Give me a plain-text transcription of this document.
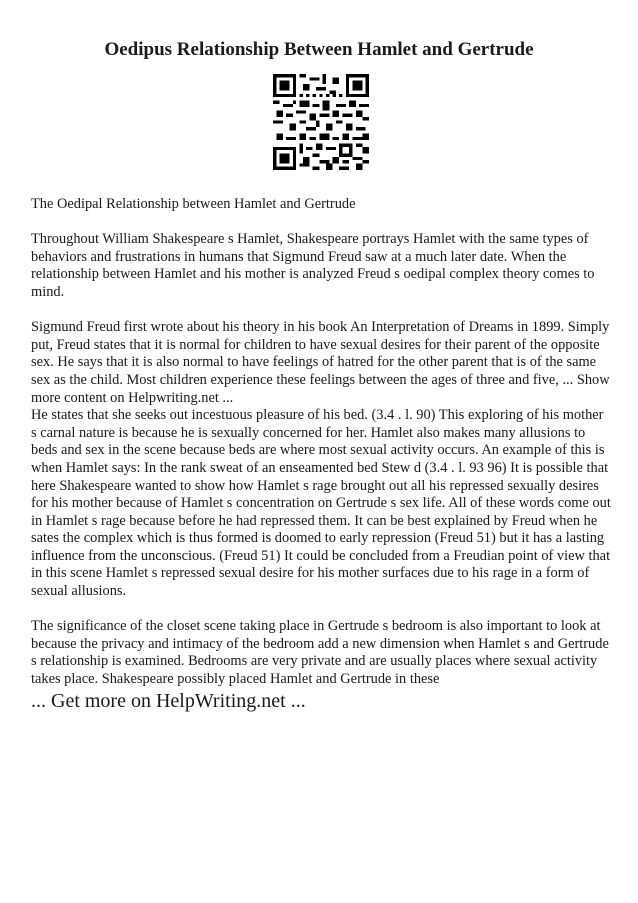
Oedipus Relationship Between Hamlet and Gertrude

The Oedipal Relationship between Hamlet and Gertrude

Throughout William Shakespeare s Hamlet, Shakespeare portrays Hamlet with the same types of behaviors and frustrations in humans that Sigmund Freud saw at a much later date. When the relationship between Hamlet and his mother is analyzed Freud s oedipal complex theory comes to mind.

Sigmund Freud first wrote about his theory in his book An Interpretation of Dreams in 1899. Simply put, Freud states that it is normal for children to have sexual desires for their parent of the opposite sex. He says that it is also normal to have feelings of hatred for the other parent that is of the same sex as the child. Most children experience these feelings between the ages of three and five, ... Show more content on Helpwriting.net ...

He states that she seeks out incestuous pleasure of his bed. (3.4 . l. 90) This exploring of his mother s carnal nature is because he is sexually concerned for her. Hamlet also makes many allusions to beds and sex in the scene because beds are where most sexual activity occurs. An example of this is when Hamlet says: In the rank sweat of an enseamented bed Stew d (3.4 . l. 93 96) It is possible that here Shakespeare wanted to show how Hamlet s rage brought out all his repressed sexually desires for his mother because of Hamlet s concentration on Gertrude s sex life. All of these words come out in Hamlet s rage because before he had repressed them. It can be best explained by Freud when he sates the complex which is thus formed is doomed to early repression (Freud 51) but it has a lasting influence from the unconscious. (Freud 51) It could be concluded from a Freudian point of view that in this scene Hamlet s repressed sexual desire for his mother surfaces due to his rage in a form of sexual allusions.

The significance of the closet scene taking place in Gertrude s bedroom is also important to look at because the privacy and intimacy of the bedroom add a new dimension when Hamlet s and Gertrude s relationship is examined. Bedrooms are very private and are usually places where sexual activity takes place. Shakespeare possibly placed Hamlet and Gertrude in these

... Get more on HelpWriting.net ...
